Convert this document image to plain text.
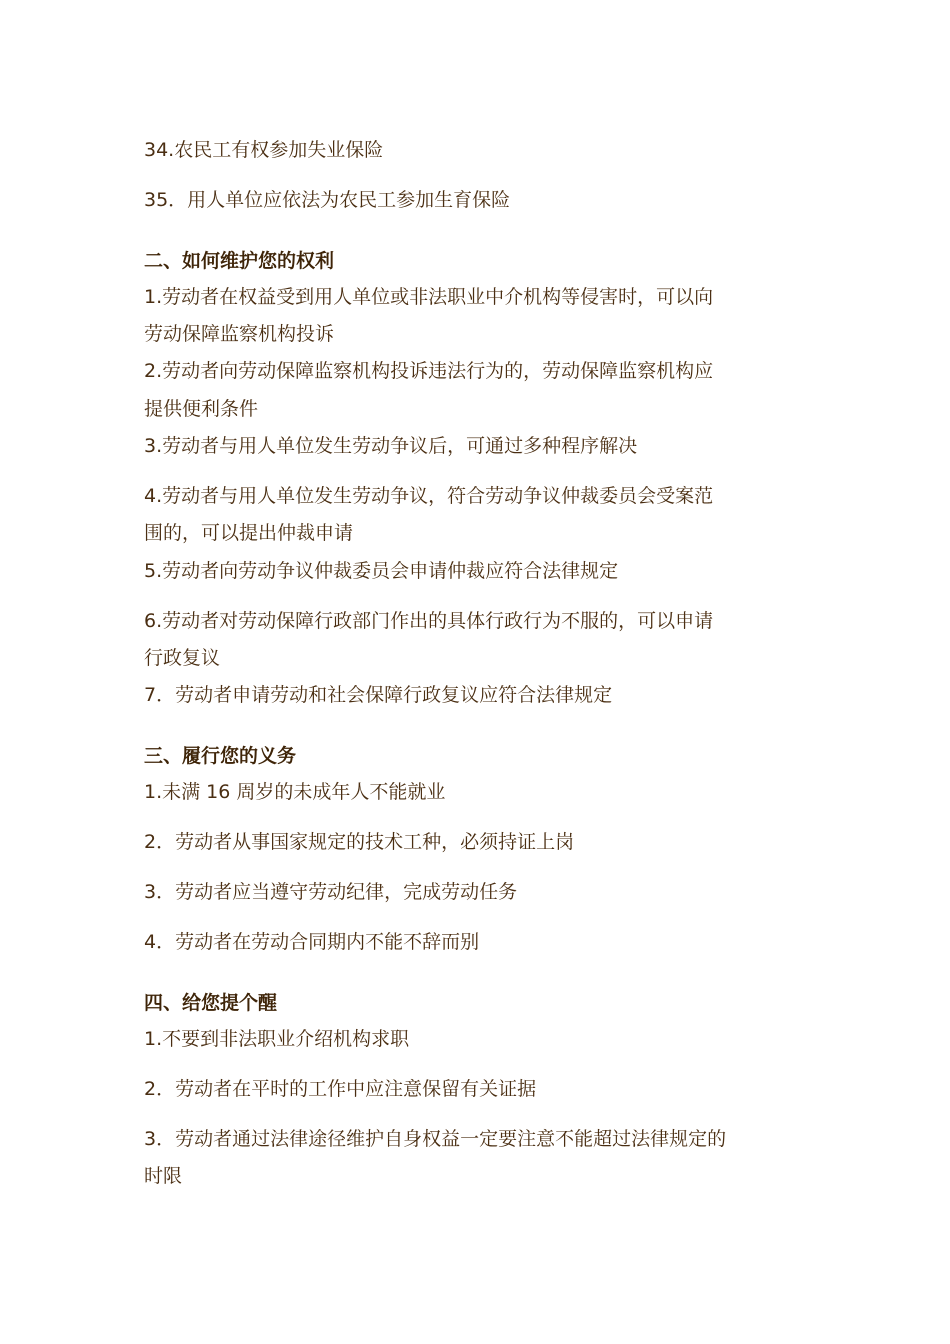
34.农民工有权参加失业保险
35．用人单位应依法为农民工参加生育保险
二、如何维护您的权利
1.劳动者在权益受到用人单位或非法职业中介机构等侵害时，可以向
劳动保障监察机构投诉
2.劳动者向劳动保障监察机构投诉违法行为的，劳动保障监察机构应
提供便利条件
3.劳动者与用人单位发生劳动争议后，可通过多种程序解决
4.劳动者与用人单位发生劳动争议，符合劳动争议仲裁委员会受案范
围的，可以提出仲裁申请
5.劳动者向劳动争议仲裁委员会申请仲裁应符合法律规定
6.劳动者对劳动保障行政部门作出的具体行政行为不服的，可以申请
行政复议
7．劳动者申请劳动和社会保障行政复议应符合法律规定
三、履行您的义务
1.未满 16 周岁的未成年人不能就业
2．劳动者从事国家规定的技术工种，必须持证上岗
3．劳动者应当遵守劳动纪律，完成劳动任务
4．劳动者在劳动合同期内不能不辞而别
四、给您提个醒
1.不要到非法职业介绍机构求职
2．劳动者在平时的工作中应注意保留有关证据
3．劳动者通过法律途径维护自身权益一定要注意不能超过法律规定的
时限
